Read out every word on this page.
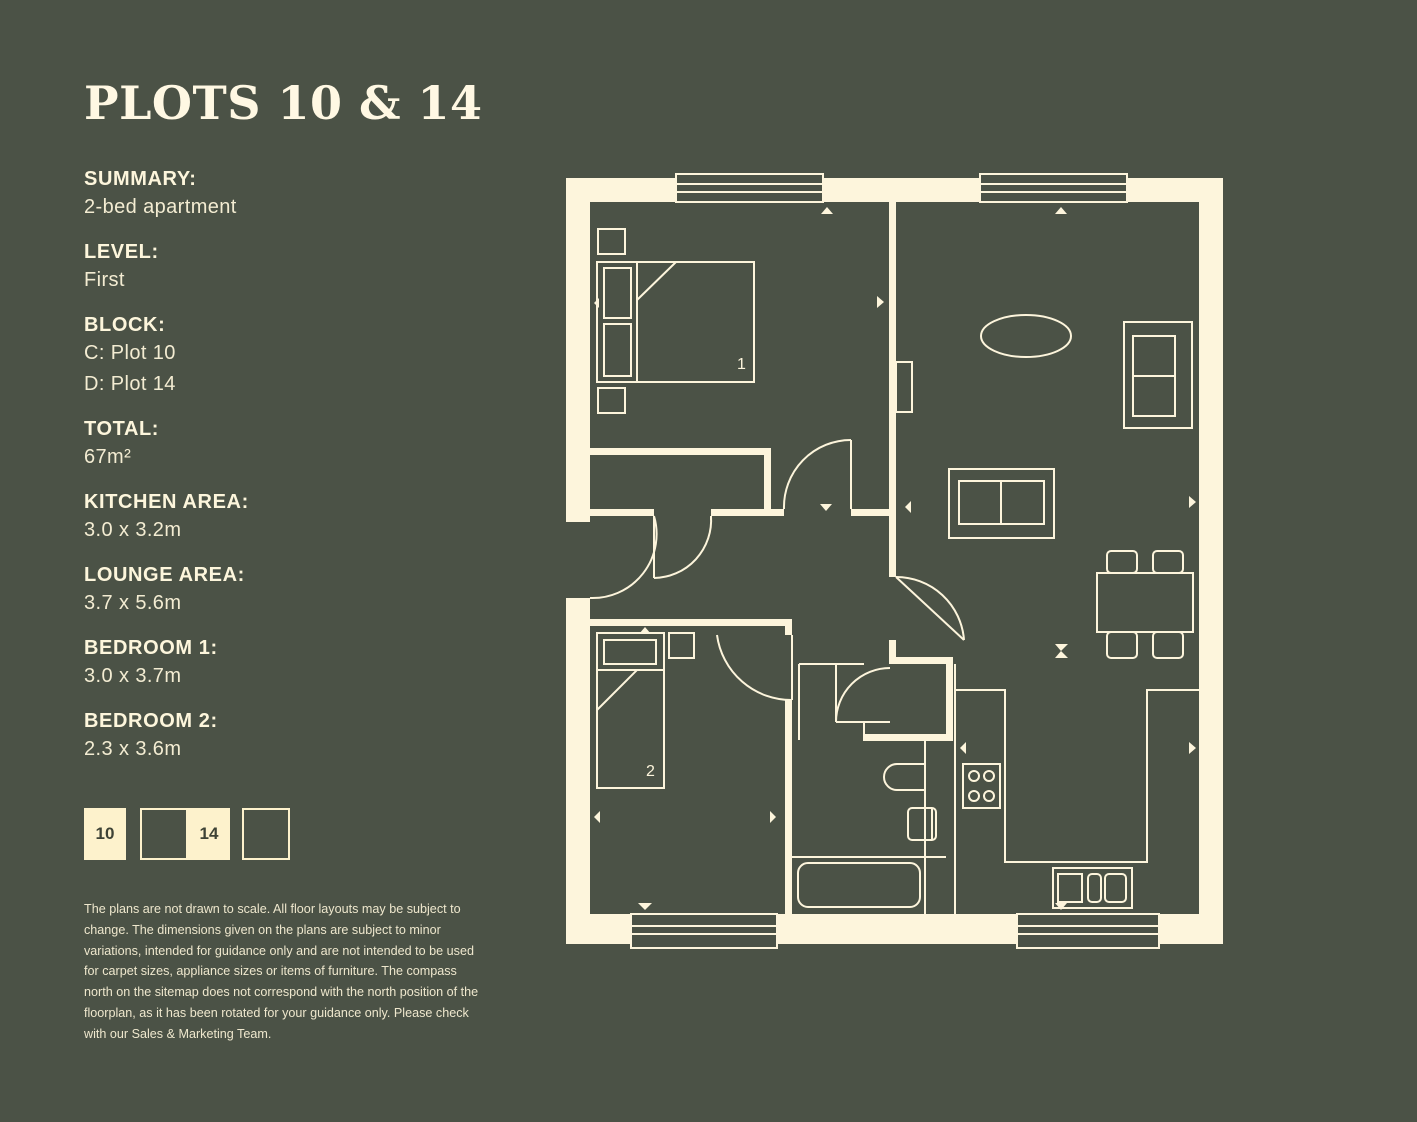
PLOTS 10 & 14
SUMMARY:
2-bed apartment
LEVEL:
First
BLOCK:
C: Plot 10
D: Plot 14
TOTAL:
67m²
KITCHEN AREA:
3.0 x 3.2m
LOUNGE AREA:
3.7 x 5.6m
BEDROOM 1:
3.0 x 3.7m
BEDROOM 2:
2.3 x 3.6m
10	14

The plans are not drawn to scale. All floor layouts may be subject to change. The dimensions given on the plans are subject to minor variations, intended for guidance only and are not intended to be used for carpet sizes, appliance sizes or items of furniture. The compass north on the sitemap does not correspond with the north position of the floorplan, as it has been rotated for your guidance only. Please check with our Sales & Marketing Team.

1
2
